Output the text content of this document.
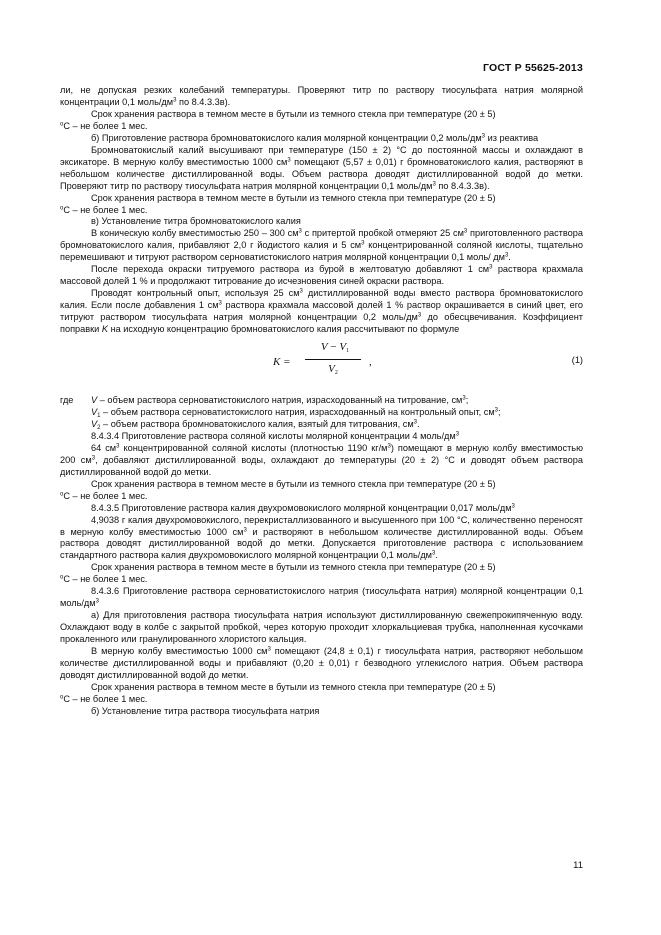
ГОСТ Р 55625-2013

ли, не допуская резких колебаний температуры. Проверяют титр по раствору тиосульфата натрия молярной концентрации 0,1 моль/$дм^3$ по 8.4.3.3в).

Срок хранения раствора в темном месте в бутыли из темного стекла при температуре (20 ± 5)

$^о$С – не более 1 мес.

б) Приготовление раствора бромноватокислого калия молярной концентрации 0,2 моль/$дм^3$ из реактива

Бромноватокислый калий высушивают при температуре (150 ± 2) °С до постоянной массы и охлаждают в эксикаторе. В мерную колбу вместимостью 1000 $см^3$ помещают (5,57 ± 0,01) г бромноватокислого калия, растворяют в небольшом количестве дистиллированной воды. Объем раствора доводят дистиллированной водой до метки. Проверяют титр по раствору тиосульфата натрия молярной концентрации 0,1 моль/$дм^3$ по 8.4.3.3в).

Срок хранения раствора в темном месте в бутыли из темного стекла при температуре (20 ± 5)

$^о$С – не более 1 мес.

в) Установление титра бромноватокислого калия

В коническую колбу вместимостью 250 – 300 $см^3$ с притертой пробкой отмеряют 25 $см^3$ приготовленного раствора бромноватокислого калия, прибавляют 2,0 г йодистого калия и 5 $см^3$ концентрированной соляной кислоты, тщательно перемешивают и титруют раствором серноватистокислого натрия молярной концентрации 0,1 моль/ $дм^3$.

После перехода окраски титруемого раствора из бурой в желтоватую добавляют 1 $см^3$ раствора крахмала массовой долей 1 % и продолжают титрование до исчезновения синей окраски раствора.

Проводят контрольный опыт, используя 25 $см^3$ дистиллированной воды вместо раствора бромноватокислого калия. Если после добавления 1 $см^3$ раствора крахмала массовой долей 1 % раствор окрашивается в синий цвет, его титруют раствором тиосульфата натрия молярной концентрации 0,2 моль/$дм^3$ до обесцвечивания. Коэффициент поправки K на исходную концентрацию бромноватокислого калия рассчитывают по формуле

K =
$V - V_1$
$V_2$
,	(1)
где V – объем раствора серноватистокислого натрия, израсходованный на титрование, $см^3$;

$V_1$ – объем раствора серноватистокислого натрия, израсходованный на контрольный опыт, $см^3$;

$V_2$ – объем раствора бромноватокислого калия, взятый для титрования, $см^3$.

8.4.3.4 Приготовление раствора соляной кислоты молярной концентрации 4 моль/$дм^3$

64 $см^3$ концентрированной соляной кислоты (плотностью 1190 $кг/м^3$) помещают в мерную колбу вместимостью 200 $см^3$, добавляют дистиллированной воды, охлаждают до температуры (20 ± 2) °С и доводят объем раствора дистиллированной водой до метки.

Срок хранения раствора в темном месте в бутыли из темного стекла при температуре (20 ± 5)

$^о$С – не более 1 мес.

8.4.3.5 Приготовление раствора калия двухромовокислого молярной концентрации 0,017 моль/$дм^3$

4,9038 г калия двухромовокислого, перекристаллизованного и высушенного при 100 °С, количественно переносят в мерную колбу вместимостью 1000 $см^3$ и растворяют в небольшом количестве дистиллированной воды. Объем раствора доводят дистиллированной водой до метки. Допускается приготовление раствора с использованием стандартного раствора калия двухромовокислого молярной концентрации 0,1 моль/$дм^3$.

Срок хранения раствора в темном месте в бутыли из темного стекла при температуре (20 ± 5)

$^о$С – не более 1 мес.

8.4.3.6 Приготовление раствора серноватистокислого натрия (тиосульфата натрия) молярной концентрации 0,1 моль/$дм^3$

а) Для приготовления раствора тиосульфата натрия используют дистиллированную свежепрокипяченную воду. Охлаждают воду в колбе с закрытой пробкой, через которую проходит хлоркальциевая трубка, наполненная кусочками прокаленного или гранулированного хлористого кальция.

В мерную колбу вместимостью 1000 $см^3$ помещают (24,8 ± 0,1) г тиосульфата натрия, растворяют небольшом количестве дистиллированной воды и прибавляют (0,20 ± 0,01) г безводного углекислого натрия. Объем раствора доводят дистиллированной водой до метки.

Срок хранения раствора в темном месте в бутыли из темного стекла при температуре (20 ± 5)

$^о$С – не более 1 мес.

б) Установление титра раствора тиосульфата натрия

11
